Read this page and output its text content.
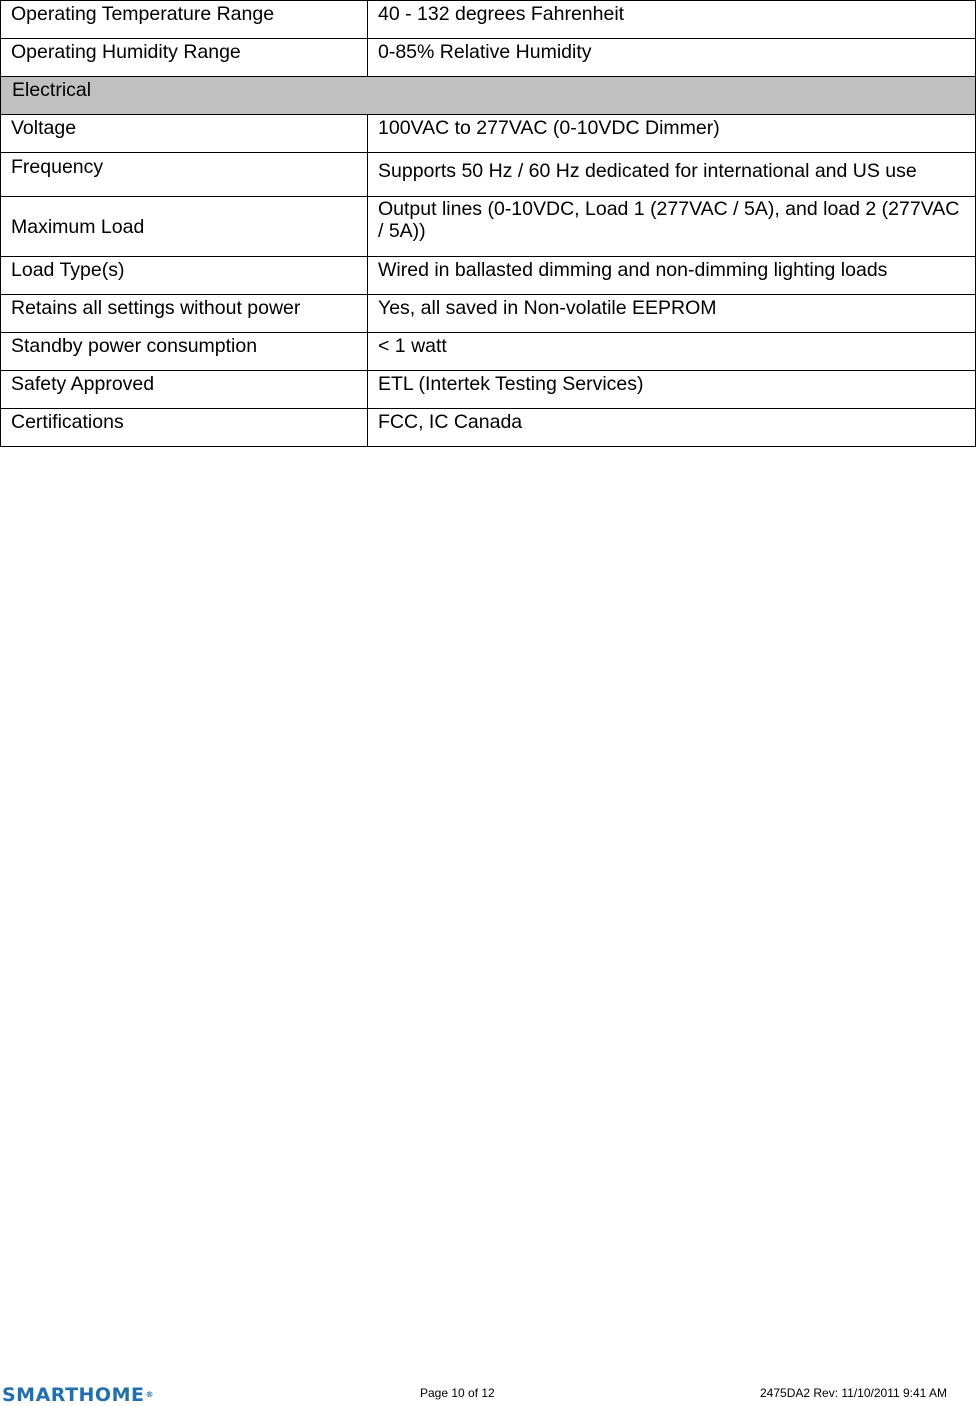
Operating Temperature Range	40 - 132 degrees Fahrenheit
Operating Humidity Range	0-85% Relative Humidity
Electrical	
Voltage	100VAC to 277VAC (0-10VDC Dimmer)
Frequency	Supports 50 Hz / 60 Hz dedicated for international and US use
Maximum Load	Output lines (0-10VDC, Load 1 (277VAC / 5A), and load 2 (277VAC / 5A))
Load Type(s)	Wired in ballasted dimming and non-dimming lighting loads
Retains all settings without power	Yes, all saved in Non-volatile EEPROM
Standby power consumption	< 1 watt
Safety Approved	ETL (Intertek Testing Services)
Certifications	FCC, IC Canada
SMARTHOME®	Page 10 of 12	2475DA2 Rev: 11/10/2011 9:41 AM
